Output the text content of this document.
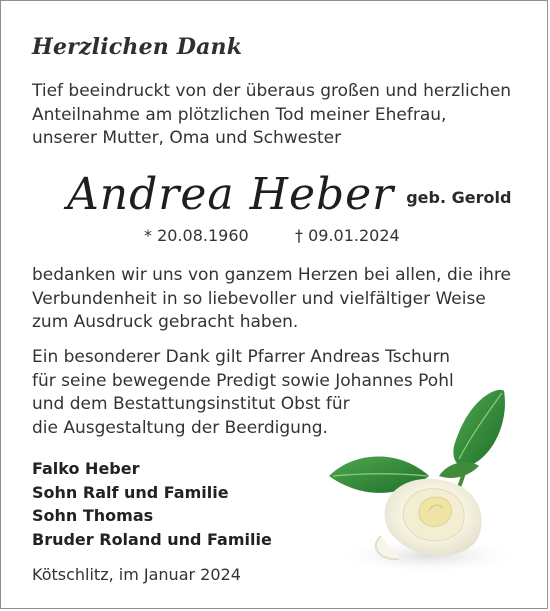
Herzlichen Dank
Tief beeindruckt von der überaus großen und herzlichen
Anteilnahme am plötzlichen Tod meiner Ehefrau,
unserer Mutter, Oma und Schwester
Andrea Heber geb. Gerold
* 20.08.1960	† 09.01.2024
bedanken wir uns von ganzem Herzen bei allen, die ihre
Verbundenheit in so liebevoller und vielfältiger Weise
zum Ausdruck gebracht haben.
Ein besonderer Dank gilt Pfarrer Andreas Tschurn
für seine bewegende Predigt sowie Johannes Pohl
und dem Bestattungsinstitut Obst für
die Ausgestaltung der Beerdigung.
Falko Heber
Sohn Ralf und Familie
Sohn Thomas
Bruder Roland und Familie
Kötschlitz, im Januar 2024
